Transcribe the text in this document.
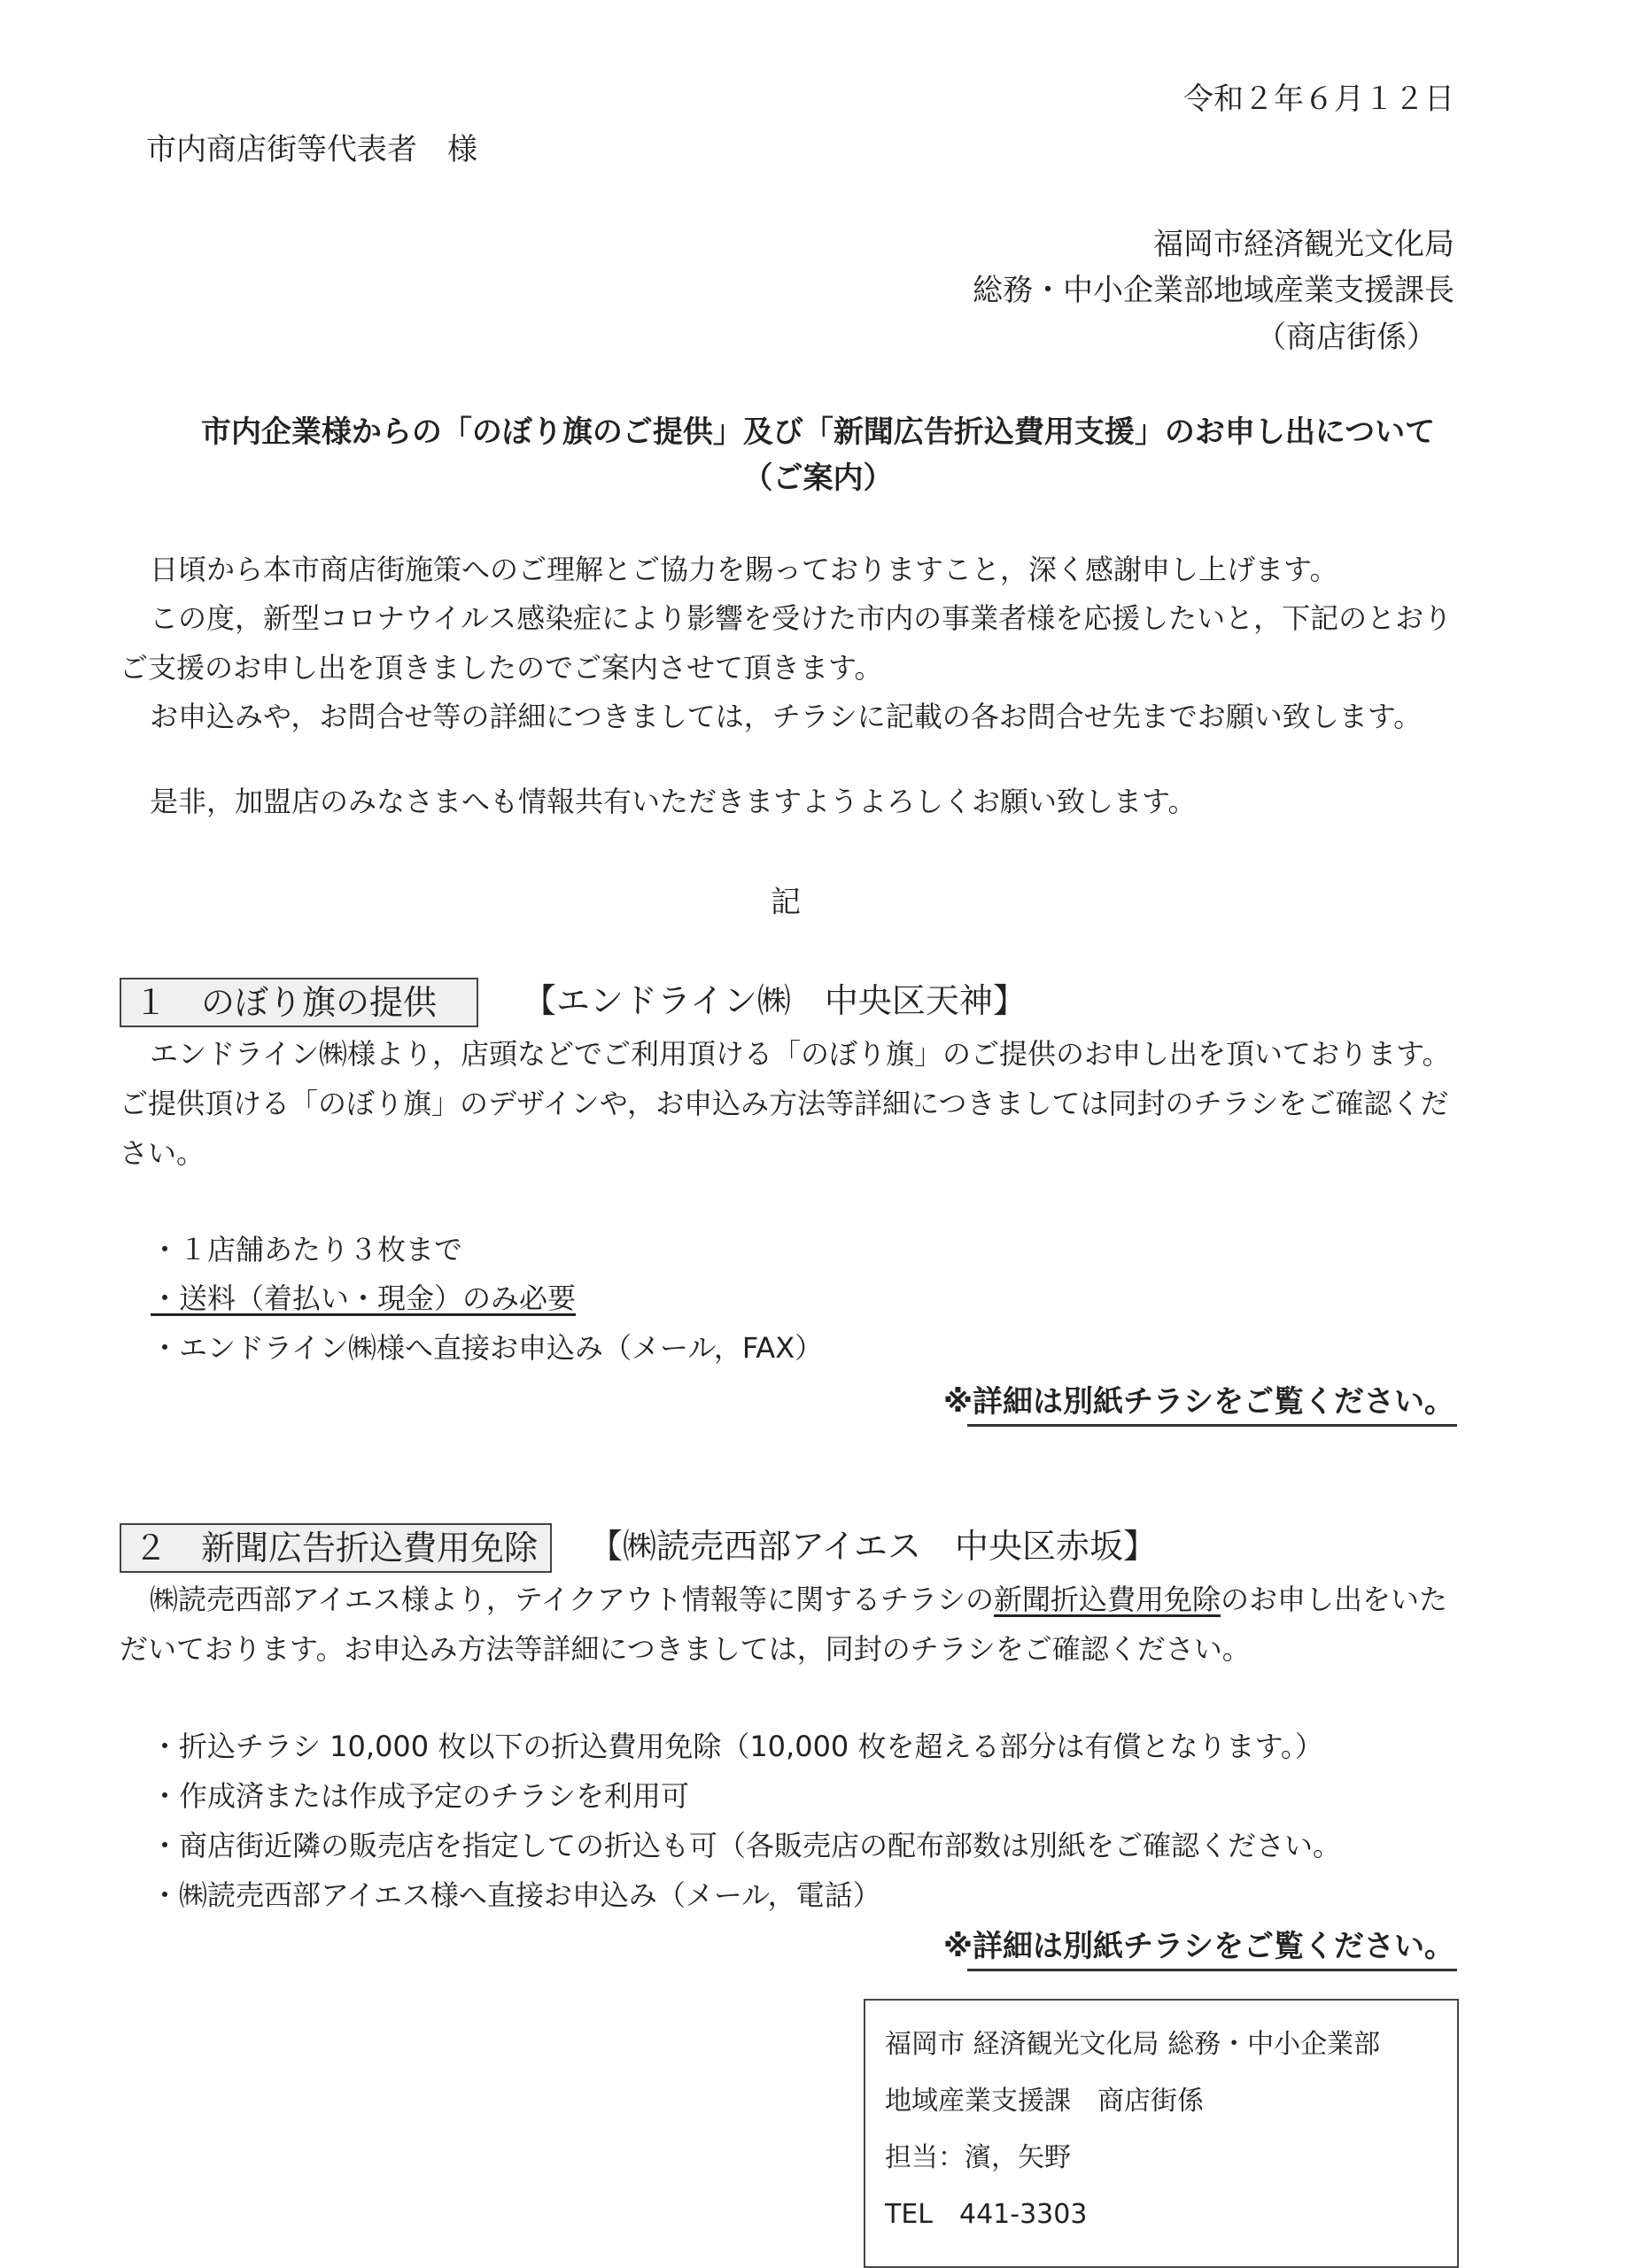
令和２年６月１２日
市内商店街等代表者　様
福岡市経済観光文化局
総務・中小企業部地域産業支援課長
（商店街係）
市内企業様からの「のぼり旗のご提供」及び「新聞広告折込費用支援」のお申し出について
（ご案内）
日頃から本市商店街施策へのご理解とご協力を賜っておりますこと，深く感謝申し上げます。
この度，新型コロナウイルス感染症により影響を受けた市内の事業者様を応援したいと，下記のとおりご支援のお申し出を頂きましたのでご案内させて頂きます。
お申込みや，お問合せ等の詳細につきましては，チラシに記載の各お問合せ先までお願い致します。
是非，加盟店のみなさまへも情報共有いただきますようよろしくお願い致します。
記
１　のぼり旗の提供	【エンドライン㈱　中央区天神】
エンドライン㈱様より，店頭などでご利用頂ける「のぼり旗」のご提供のお申し出を頂いております。ご提供頂ける「のぼり旗」のデザインや，お申込み方法等詳細につきましては同封のチラシをご確認ください。
・１店舗あたり３枚まで
・送料（着払い・現金）のみ必要
・エンドライン㈱様へ直接お申込み（メール，FAX）
※詳細は別紙チラシをご覧ください。
２　新聞広告折込費用免除	【㈱読売西部アイエス　中央区赤坂】
㈱読売西部アイエス様より，テイクアウト情報等に関するチラシの新聞折込費用免除のお申し出をいただいております。お申込み方法等詳細につきましては，同封のチラシをご確認ください。
・折込チラシ 10,000 枚以下の折込費用免除（10,000 枚を超える部分は有償となります。）
・作成済または作成予定のチラシを利用可
・商店街近隣の販売店を指定しての折込も可（各販売店の配布部数は別紙をご確認ください。
・㈱読売西部アイエス様へ直接お申込み（メール，電話）
※詳細は別紙チラシをご覧ください。
福岡市 経済観光文化局 総務・中小企業部
地域産業支援課　商店街係
担当：濱，矢野
TEL　441-3303
